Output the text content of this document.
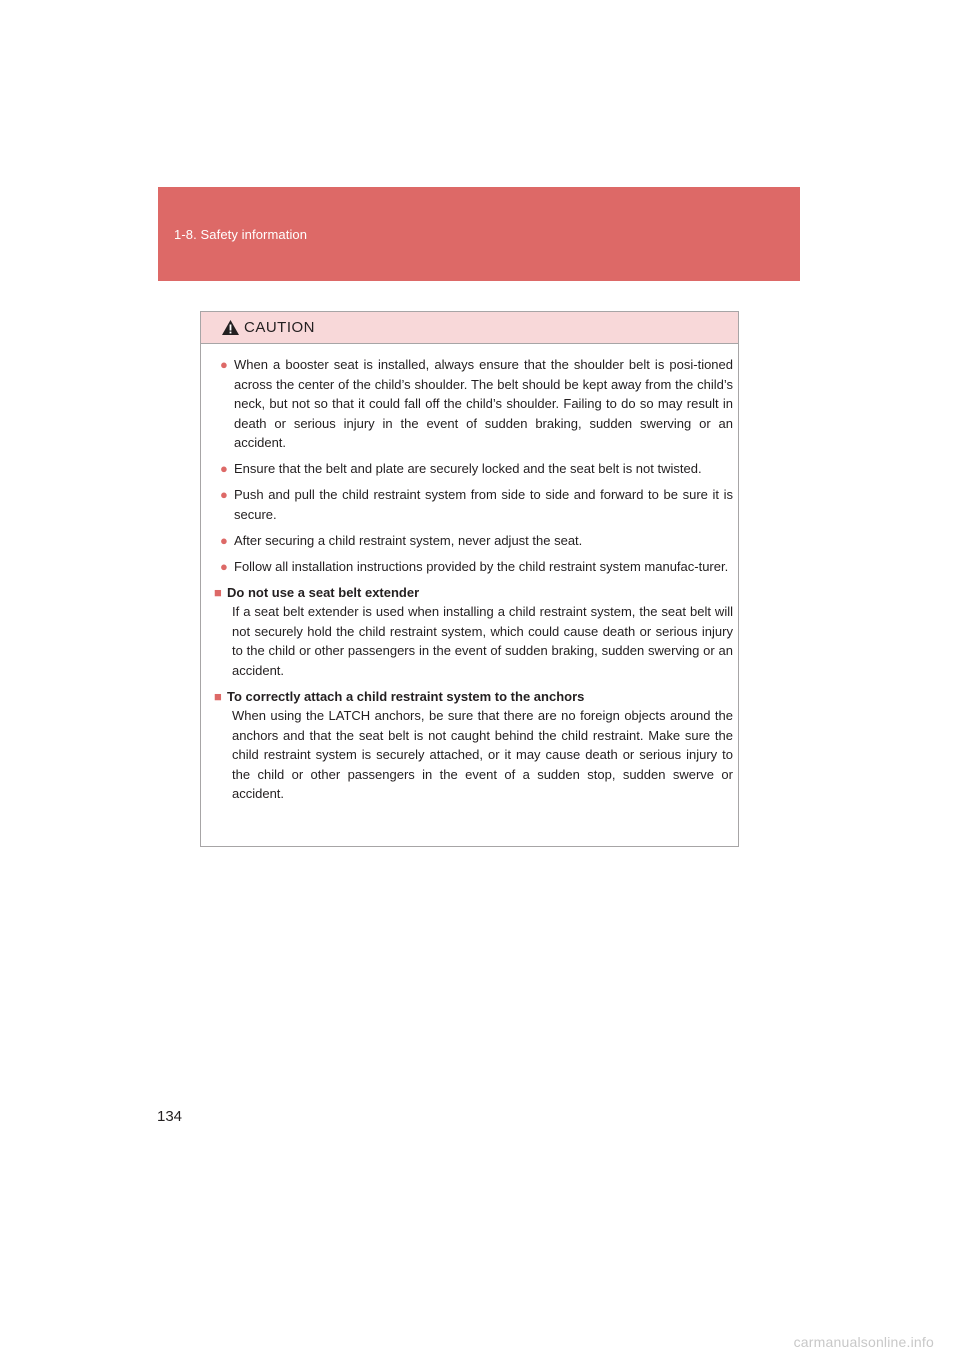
1-8. Safety information
CAUTION
● When a booster seat is installed, always ensure that the shoulder belt is posi-tioned across the center of the child’s shoulder. The belt should be kept away from the child’s neck, but not so that it could fall off the child’s shoulder. Failing to do so may result in death or serious injury in the event of sudden braking, sudden swerving or an accident.
● Ensure that the belt and plate are securely locked and the seat belt is not twisted.
● Push and pull the child restraint system from side to side and forward to be sure it is secure.
● After securing a child restraint system, never adjust the seat.
● Follow all installation instructions provided by the child restraint system manufac-turer.
■ Do not use a seat belt extender
If a seat belt extender is used when installing a child restraint system, the seat belt will not securely hold the child restraint system, which could cause death or serious injury to the child or other passengers in the event of sudden braking, sudden swerving or an accident.
■ To correctly attach a child restraint system to the anchors
When using the LATCH anchors, be sure that there are no foreign objects around the anchors and that the seat belt is not caught behind the child restraint. Make sure the child restraint system is securely attached, or it may cause death or serious injury to the child or other passengers in the event of a sudden stop, sudden swerve or accident.
134
carmanualsonline.info
